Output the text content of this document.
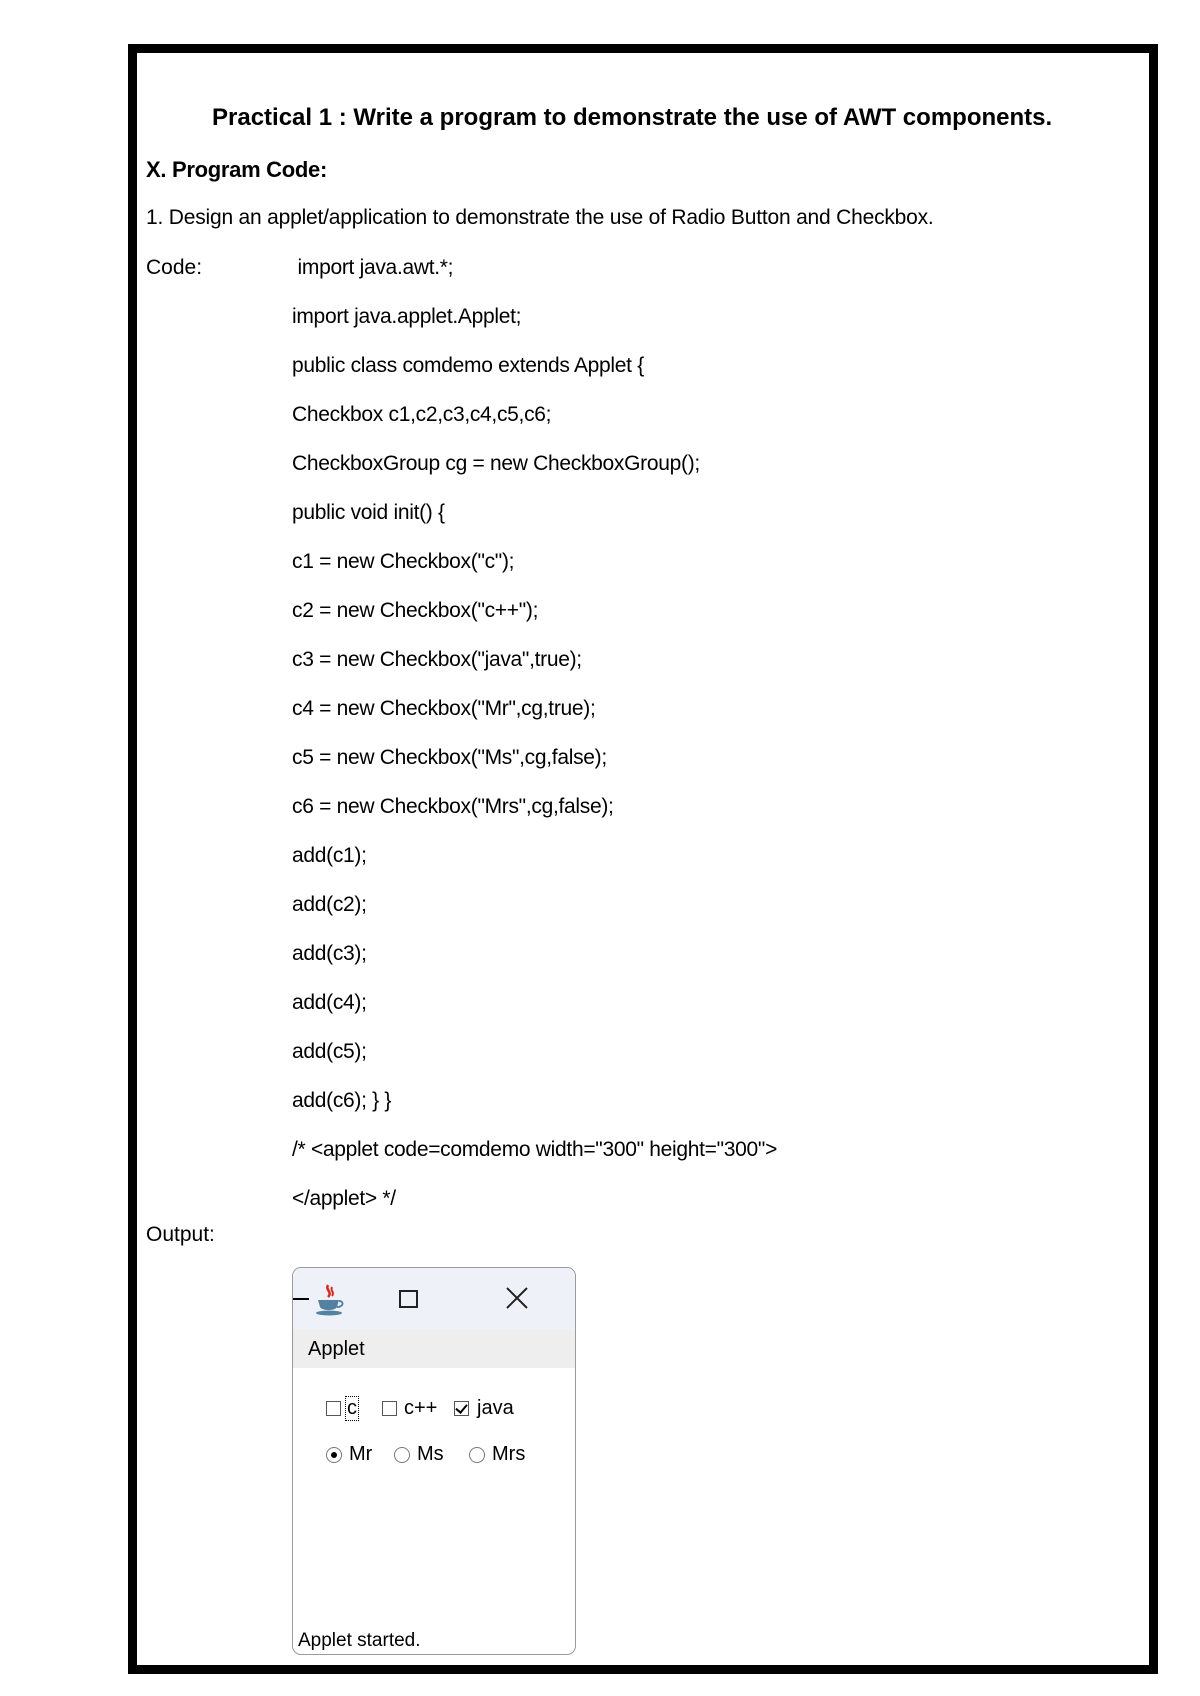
Practical 1 : Write a program to demonstrate the use of AWT components.
X. Program Code:
1. Design an applet/application to demonstrate the use of Radio Button and Checkbox.
Code:	import java.awt.*;
import java.applet.Applet;
public class comdemo extends Applet {
Checkbox c1,c2,c3,c4,c5,c6;
CheckboxGroup cg = new CheckboxGroup();
public void init() {
c1 = new Checkbox("c");
c2 = new Checkbox("c++");
c3 = new Checkbox("java",true);
c4 = new Checkbox("Mr",cg,true);
c5 = new Checkbox("Ms",cg,false);
c6 = new Checkbox("Mrs",cg,false);
add(c1);
add(c2);
add(c3);
add(c4);
add(c5);
add(c6); } }
/* <applet code=comdemo width="300" height="300">
</applet> */
Output:
Applet
c c++ java
Mr Ms Mrs
Applet started.
